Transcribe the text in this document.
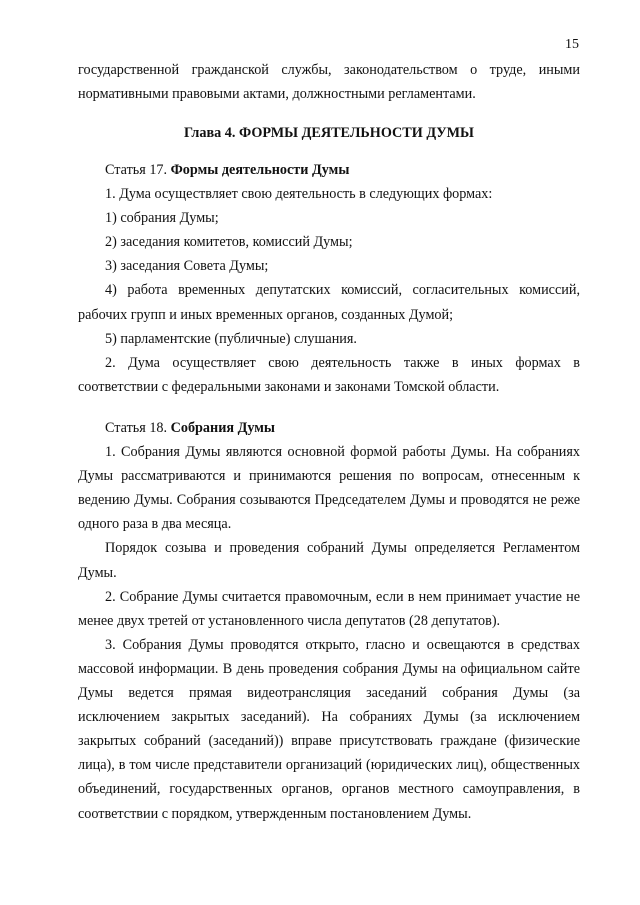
15

государственной гражданской службы, законодательством о труде, иными нормативными правовыми актами, должностными регламентами.

Глава 4. ФОРМЫ ДЕЯТЕЛЬНОСТИ ДУМЫ

Статья 17. Формы деятельности Думы

1. Дума осуществляет свою деятельность в следующих формах:

1) собрания Думы;

2) заседания комитетов, комиссий Думы;

3) заседания Совета Думы;

4) работа временных депутатских комиссий, согласительных комиссий, рабочих групп и иных временных органов, созданных Думой;

5) парламентские (публичные) слушания.

2. Дума осуществляет свою деятельность также в иных формах в соответствии с федеральными законами и законами Томской области.

Статья 18. Собрания Думы

1. Собрания Думы являются основной формой работы Думы. На собраниях Думы рассматриваются и принимаются решения по вопросам, отнесенным к ведению Думы. Собрания созываются Председателем Думы и проводятся не реже одного раза в два месяца.

Порядок созыва и проведения собраний Думы определяется Регламентом Думы.

2. Собрание Думы считается правомочным, если в нем принимает участие не менее двух третей от установленного числа депутатов (28 депутатов).

3. Собрания Думы проводятся открыто, гласно и освещаются в средствах массовой информации. В день проведения собрания Думы на официальном сайте Думы ведется прямая видеотрансляция заседаний собрания Думы (за исключением закрытых заседаний). На собраниях Думы (за исключением закрытых собраний (заседаний)) вправе присутствовать граждане (физические лица), в том числе представители организаций (юридических лиц), общественных объединений, государственных органов, органов местного самоуправления, в соответствии с порядком, утвержденным постановлением Думы.
